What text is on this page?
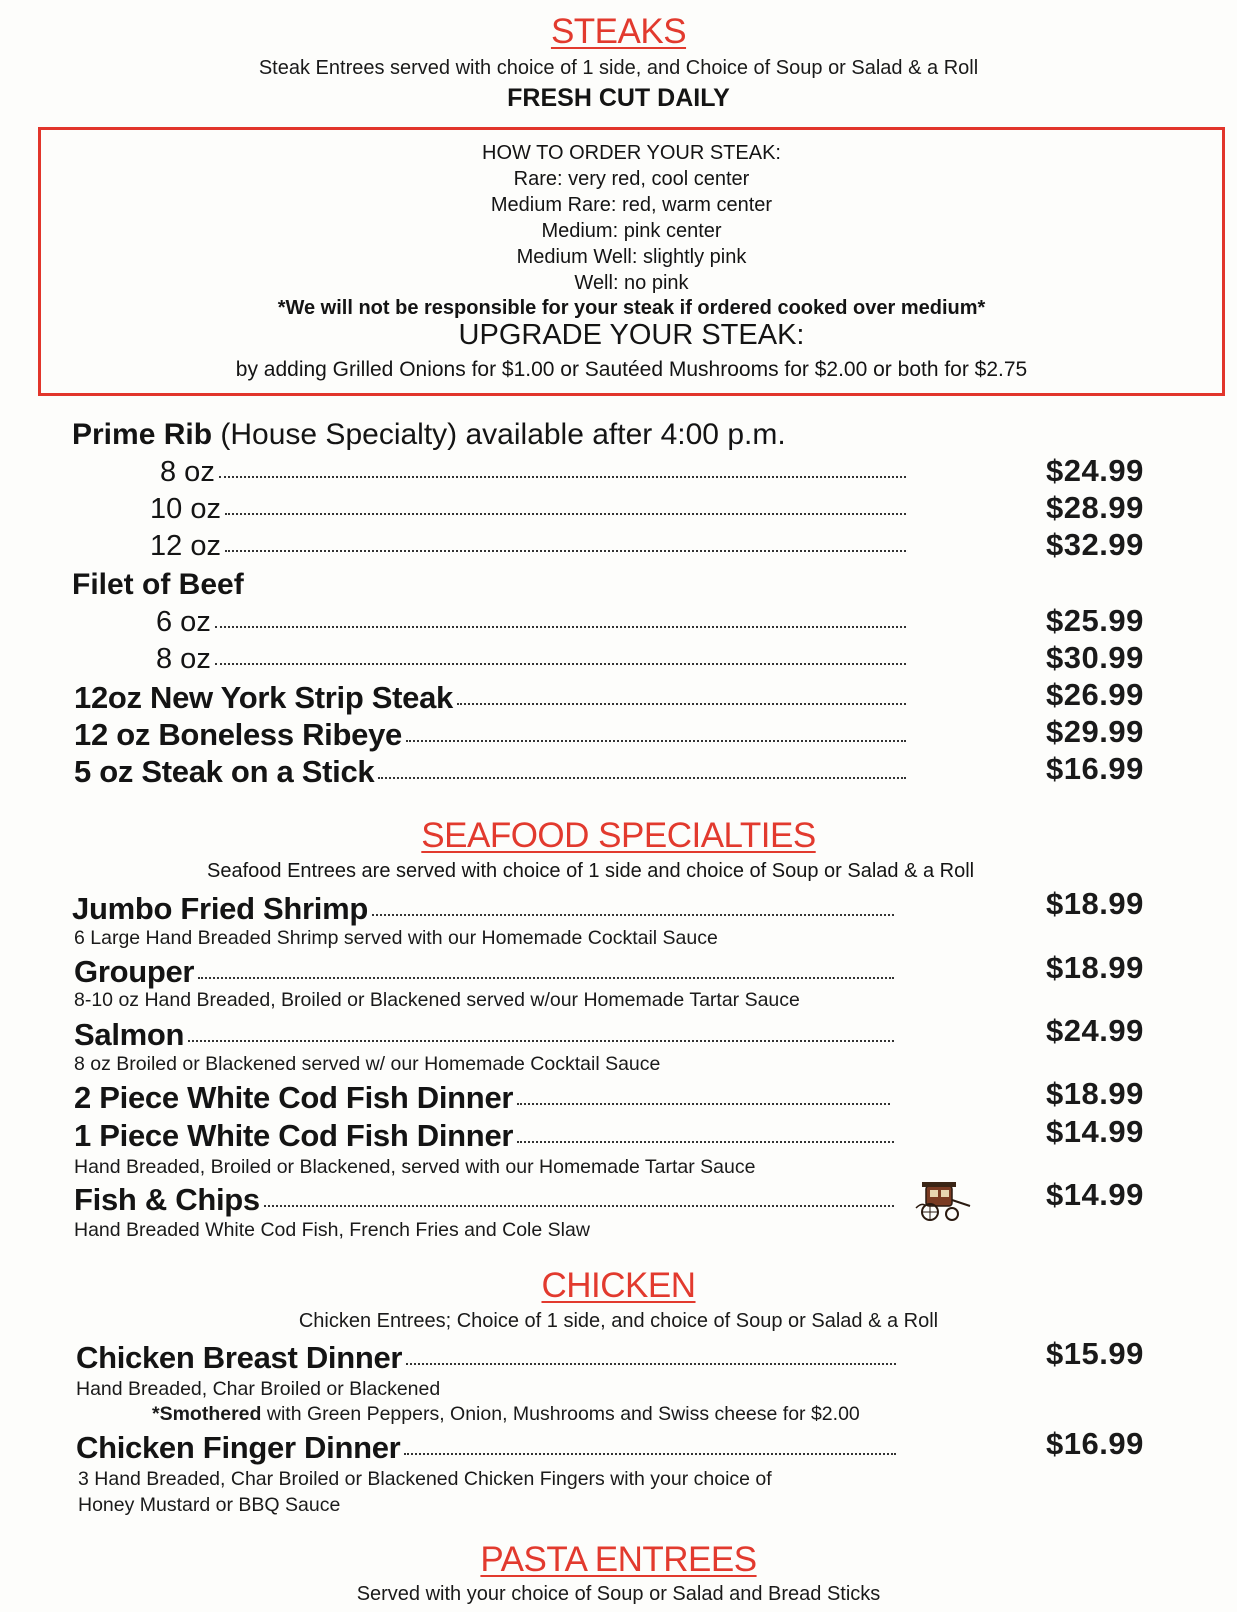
STEAKS
Steak Entrees served with choice of 1 side, and Choice of Soup or Salad & a Roll
FRESH CUT DAILY
HOW TO ORDER YOUR STEAK:
Rare: very red, cool center
Medium Rare: red, warm center
Medium: pink center
Medium Well: slightly pink
Well: no pink
*We will not be responsible for your steak if ordered cooked over medium*
UPGRADE YOUR STEAK:
by adding Grilled Onions for $1.00 or Sautéed Mushrooms for $2.00 or both for $2.75
Prime Rib (House Specialty) available after 4:00 p.m.
8 oz	$24.99
10 oz	$28.99
12 oz	$32.99
Filet of Beef
6 oz	$25.99
8 oz	$30.99
12oz New York Strip Steak	$26.99
12 oz Boneless Ribeye	$29.99
5 oz Steak on a Stick	$16.99
SEAFOOD SPECIALTIES
Seafood Entrees are served with choice of 1 side and choice of Soup or Salad & a Roll
Jumbo Fried Shrimp	$18.99
6 Large Hand Breaded Shrimp served with our Homemade Cocktail Sauce
Grouper	$18.99
8-10 oz Hand Breaded, Broiled or Blackened served w/our Homemade Tartar Sauce
Salmon	$24.99
8 oz Broiled or Blackened served w/ our Homemade Cocktail Sauce
2 Piece White Cod Fish Dinner	$18.99
1 Piece White Cod Fish Dinner	$14.99
Hand Breaded, Broiled or Blackened, served with our Homemade Tartar Sauce
Fish & Chips	$14.99
Hand Breaded White Cod Fish, French Fries and Cole Slaw
CHICKEN
Chicken Entrees; Choice of 1 side, and choice of Soup or Salad & a Roll
Chicken Breast Dinner	$15.99
Hand Breaded, Char Broiled or Blackened
*Smothered with Green Peppers, Onion, Mushrooms and Swiss cheese for $2.00
Chicken Finger Dinner	$16.99
3 Hand Breaded, Char Broiled or Blackened Chicken Fingers with your choice of
Honey Mustard or BBQ Sauce
PASTA ENTREES
Served with your choice of Soup or Salad and Bread Sticks
